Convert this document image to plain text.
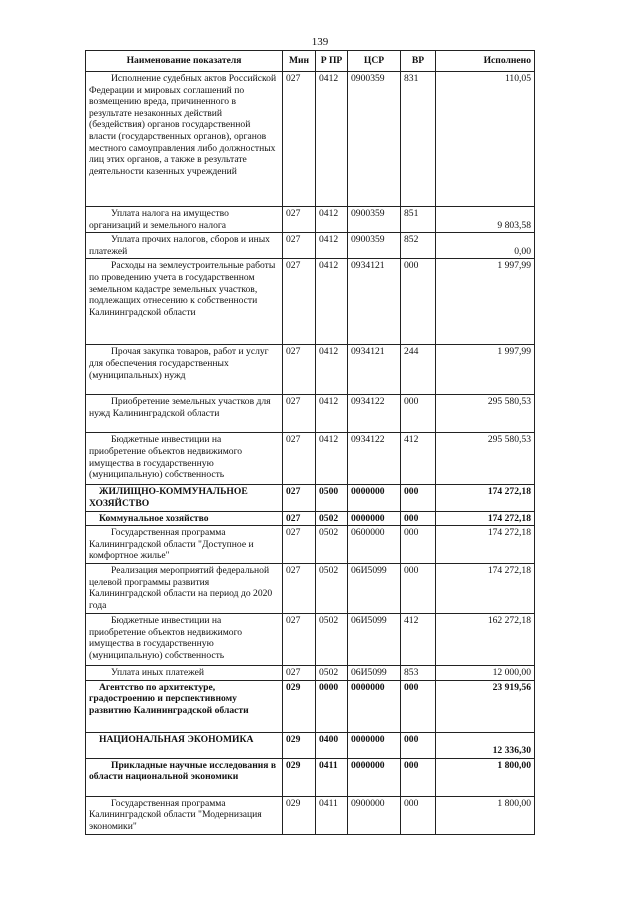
139
Наименование показателя	Мин	Р ПР	ЦСР	ВР	Исполнено

Исполнение судебных актов Российской Федерации и мировых соглашений по возмещению вреда, причиненного в результате незаконных действий (бездействия) органов государственной власти (государственных органов), органов местного самоуправления либо должностных лиц этих органов, а также в результате деятельности казенных учреждений	027	0412	0900359	831	110,05

Уплата налога на имущество организаций и земельного налога	027	0412	0900359	851	9 803,58

Уплата прочих налогов, сборов и иных платежей	027	0412	0900359	852	0,00

Расходы на землеустроительные работы по проведению учета в государственном земельном кадастре земельных участков, подлежащих отнесению к собственности Калининградской области	027	0412	0934121	000	1 997,99

Прочая закупка товаров, работ и услуг для обеспечения государственных (муниципальных) нужд	027	0412	0934121	244	1 997,99

Приобретение земельных участков для нужд Калининградской области	027	0412	0934122	000	295 580,53

Бюджетные инвестиции на приобретение объектов недвижимого имущества в государственную (муниципальную) собственность	027	0412	0934122	412	295 580,53

ЖИЛИЩНО-КОММУНАЛЬНОЕ ХОЗЯЙСТВО	027	0500	0000000	000	174 272,18

Коммунальное хозяйство	027	0502	0000000	000	174 272,18

Государственная программа Калининградской области "Доступное и комфортное жилье"	027	0502	0600000	000	174 272,18

Реализация мероприятий федеральной целевой программы развития Калининградской области на период до 2020 года	027	0502	06И5099	000	174 272,18

Бюджетные инвестиции на приобретение объектов недвижимого имущества в государственную (муниципальную) собственность	027	0502	06И5099	412	162 272,18

Уплата иных платежей	027	0502	06И5099	853	12 000,00

Агентство по архитектуре, градостроению и перспективному развитию Калининградской области	029	0000	0000000	000	23 919,56

НАЦИОНАЛЬНАЯ ЭКОНОМИКА	029	0400	0000000	000	12 336,30

Прикладные научные исследования в области национальной экономики	029	0411	0000000	000	1 800,00

Государственная программа Калининградской области "Модернизация экономики"	029	0411	0900000	000	1 800,00
